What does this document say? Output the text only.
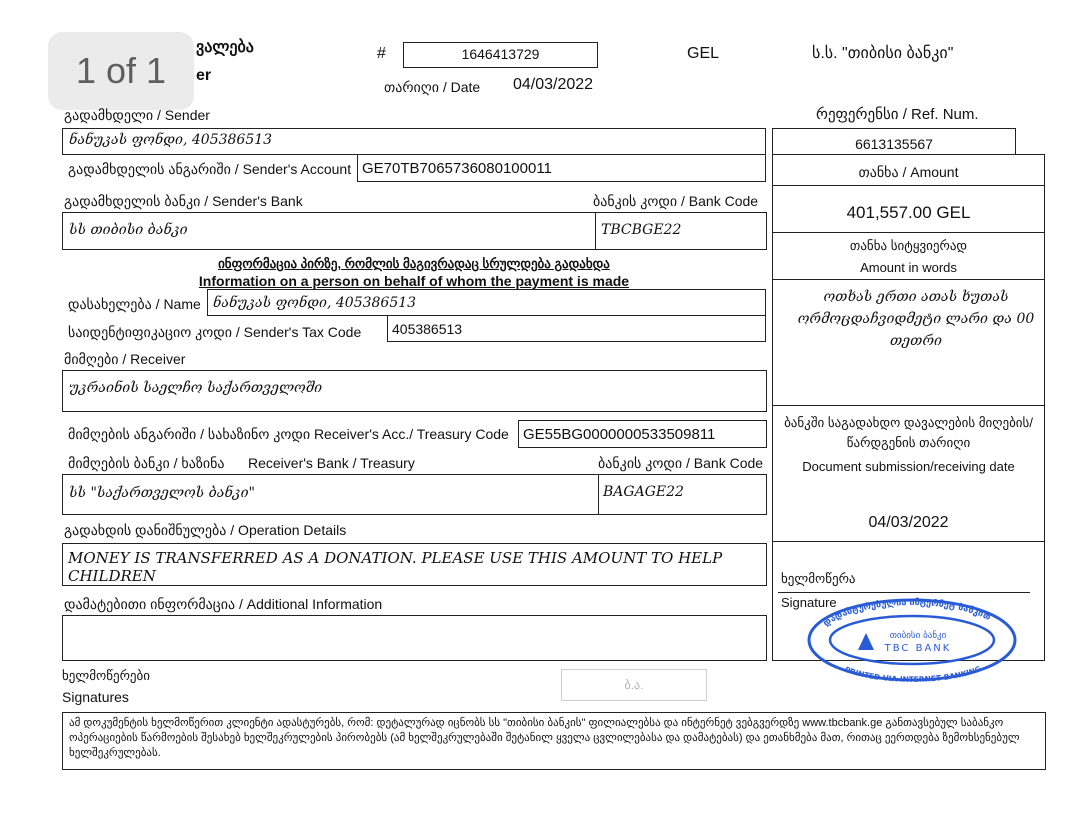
1 of 1
ვალება
er
#	1646413729	GEL	ს.ს. "თიბისი ბანკი"
თარიღი / Date 04/03/2022
გადამხდელი / Sender
ნანუკას ფონდი, 405386513
გადამხდელის ანგარიში / Sender's Account GE70TB7065736080100011
გადამხდელის ბანკი / Sender's Bank	ბანკის კოდი / Bank Code
სს თიბისი ბანკი	TBCBGE22
რეფერენსი / Ref. Num.
6613135567
თანხა / Amount
401,557.00 GEL
თანხა სიტყვიერად
Amount in words
ოთხას ერთი ათას ხუთას ორმოცდაჩვიდმეტი ლარი და 00 თეთრი
ინფორმაცია პირზე, რომლის მაგივრადაც სრულდება გადახდა
Information on a person on behalf of whom the payment is made
დასახელება / Name ნანუკას ფონდი, 405386513
საიდენტიფიკაციო კოდი / Sender's Tax Code	405386513
მიმღები / Receiver
უკრაინის საელჩო საქართველოში
მიმღების ანგარიში / სახაზინო კოდი Receiver's Acc./ Treasury Code GE55BG0000000533509811
მიმღების ბანკი / ხაზინა Receiver's Bank / Treasury	ბანკის კოდი / Bank Code
სს "საქართველოს ბანკი"	BAGAGE22
ბანკში საგადახდო დავალების მიღების/წარდგენის თარიღი
Document submission/receiving date
04/03/2022
გადახდის დანიშნულება / Operation Details
MONEY IS TRANSFERRED AS A DONATION. PLEASE USE THIS AMOUNT TO HELP CHILDREN
დამატებითი ინფორმაცია / Additional Information
ხელმოწერა
Signature
დადასტურებულია ინტერნეტ ბანკით
თიბისი ბანკი
TBC BANK
PRINTED VIA INTERNET BANKING
ხელმოწერები
Signatures
ბ.ა.
ამ დოკუმენტის ხელმოწერით კლიენტი ადასტურებს, რომ: დეტალურად იცნობს სს "თიბისი ბანკის" ფილიალებსა და ინტერნეტ ვებგვერდზე www.tbcbank.ge განთავსებულ საბანკო ოპერაციების წარმოების შესახებ ხელშეკრულების პირობებს (ამ ხელშეკრულებაში შეტანილ ყველა ცვლილებასა და დამატებას) და ეთანხმება მათ, რითაც ეერთდება ზემოხსენებულ ხელშეკრულებას.
